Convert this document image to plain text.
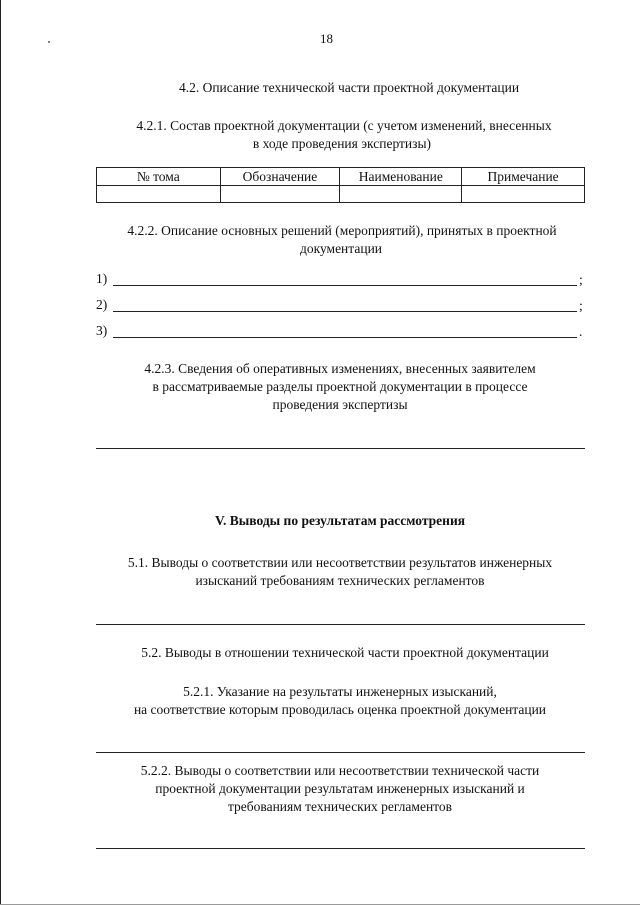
18
4.2. Описание технической части проектной документации
4.2.1. Состав проектной документации (с учетом изменений, внесенных
в ходе проведения экспертизы)
№ тома	Обозначение	Наименование	Примечание

4.2.2. Описание основных решений (мероприятий), принятых в проектной
документации
1)	;
2)	;
3)	.
4.2.3. Сведения об оперативных изменениях, внесенных заявителем
в рассматриваемые разделы проектной документации в процессе
проведения экспертизы
V. Выводы по результатам рассмотрения
5.1. Выводы о соответствии или несоответствии результатов инженерных
изысканий требованиям технических регламентов
5.2. Выводы в отношении технической части проектной документации
5.2.1. Указание на результаты инженерных изысканий,
на соответствие которым проводилась оценка проектной документации
5.2.2. Выводы о соответствии или несоответствии технической части
проектной документации результатам инженерных изысканий и
требованиям технических регламентов
